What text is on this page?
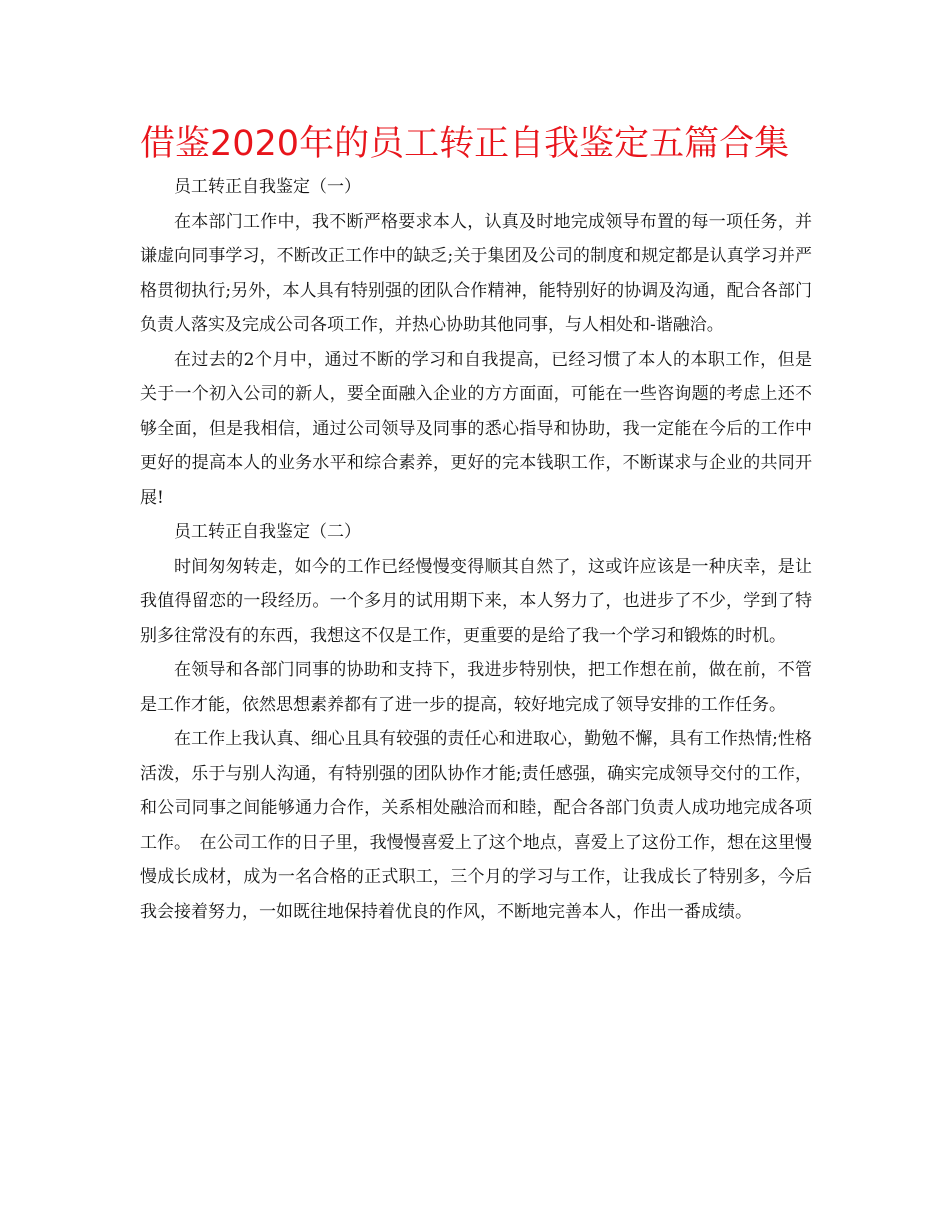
借鉴2020年的员工转正自我鉴定五篇合集

员工转正自我鉴定（一）

在本部门工作中，我不断严格要求本人，认真及时地完成领导布置的每一项任务，并谦虚向同事学习，不断改正工作中的缺乏;关于集团及公司的制度和规定都是认真学习并严格贯彻执行;另外，本人具有特别强的团队合作精神，能特别好的协调及沟通，配合各部门负责人落实及完成公司各项工作，并热心协助其他同事，与人相处和-谐融洽。

在过去的2个月中，通过不断的学习和自我提高，已经习惯了本人的本职工作，但是关于一个初入公司的新人，要全面融入企业的方方面面，可能在一些咨询题的考虑上还不够全面，但是我相信，通过公司领导及同事的悉心指导和协助，我一定能在今后的工作中更好的提高本人的业务水平和综合素养，更好的完本钱职工作，不断谋求与企业的共同开展!

员工转正自我鉴定（二）

时间匆匆转走，如今的工作已经慢慢变得顺其自然了，这或许应该是一种庆幸，是让我值得留恋的一段经历。一个多月的试用期下来，本人努力了，也进步了不少，学到了特别多往常没有的东西，我想这不仅是工作，更重要的是给了我一个学习和锻炼的时机。

在领导和各部门同事的协助和支持下，我进步特别快，把工作想在前，做在前，不管是工作才能，依然思想素养都有了进一步的提高，较好地完成了领导安排的工作任务。

在工作上我认真、细心且具有较强的责任心和进取心，勤勉不懈，具有工作热情;性格活泼，乐于与别人沟通，有特别强的团队协作才能;责任感强，确实完成领导交付的工作，和公司同事之间能够通力合作，关系相处融洽而和睦，配合各部门负责人成功地完成各项工作。　在公司工作的日子里，我慢慢喜爱上了这个地点，喜爱上了这份工作，想在这里慢慢成长成材，成为一名合格的正式职工，三个月的学习与工作，让我成长了特别多，今后我会接着努力，一如既往地保持着优良的作风，不断地完善本人，作出一番成绩。
